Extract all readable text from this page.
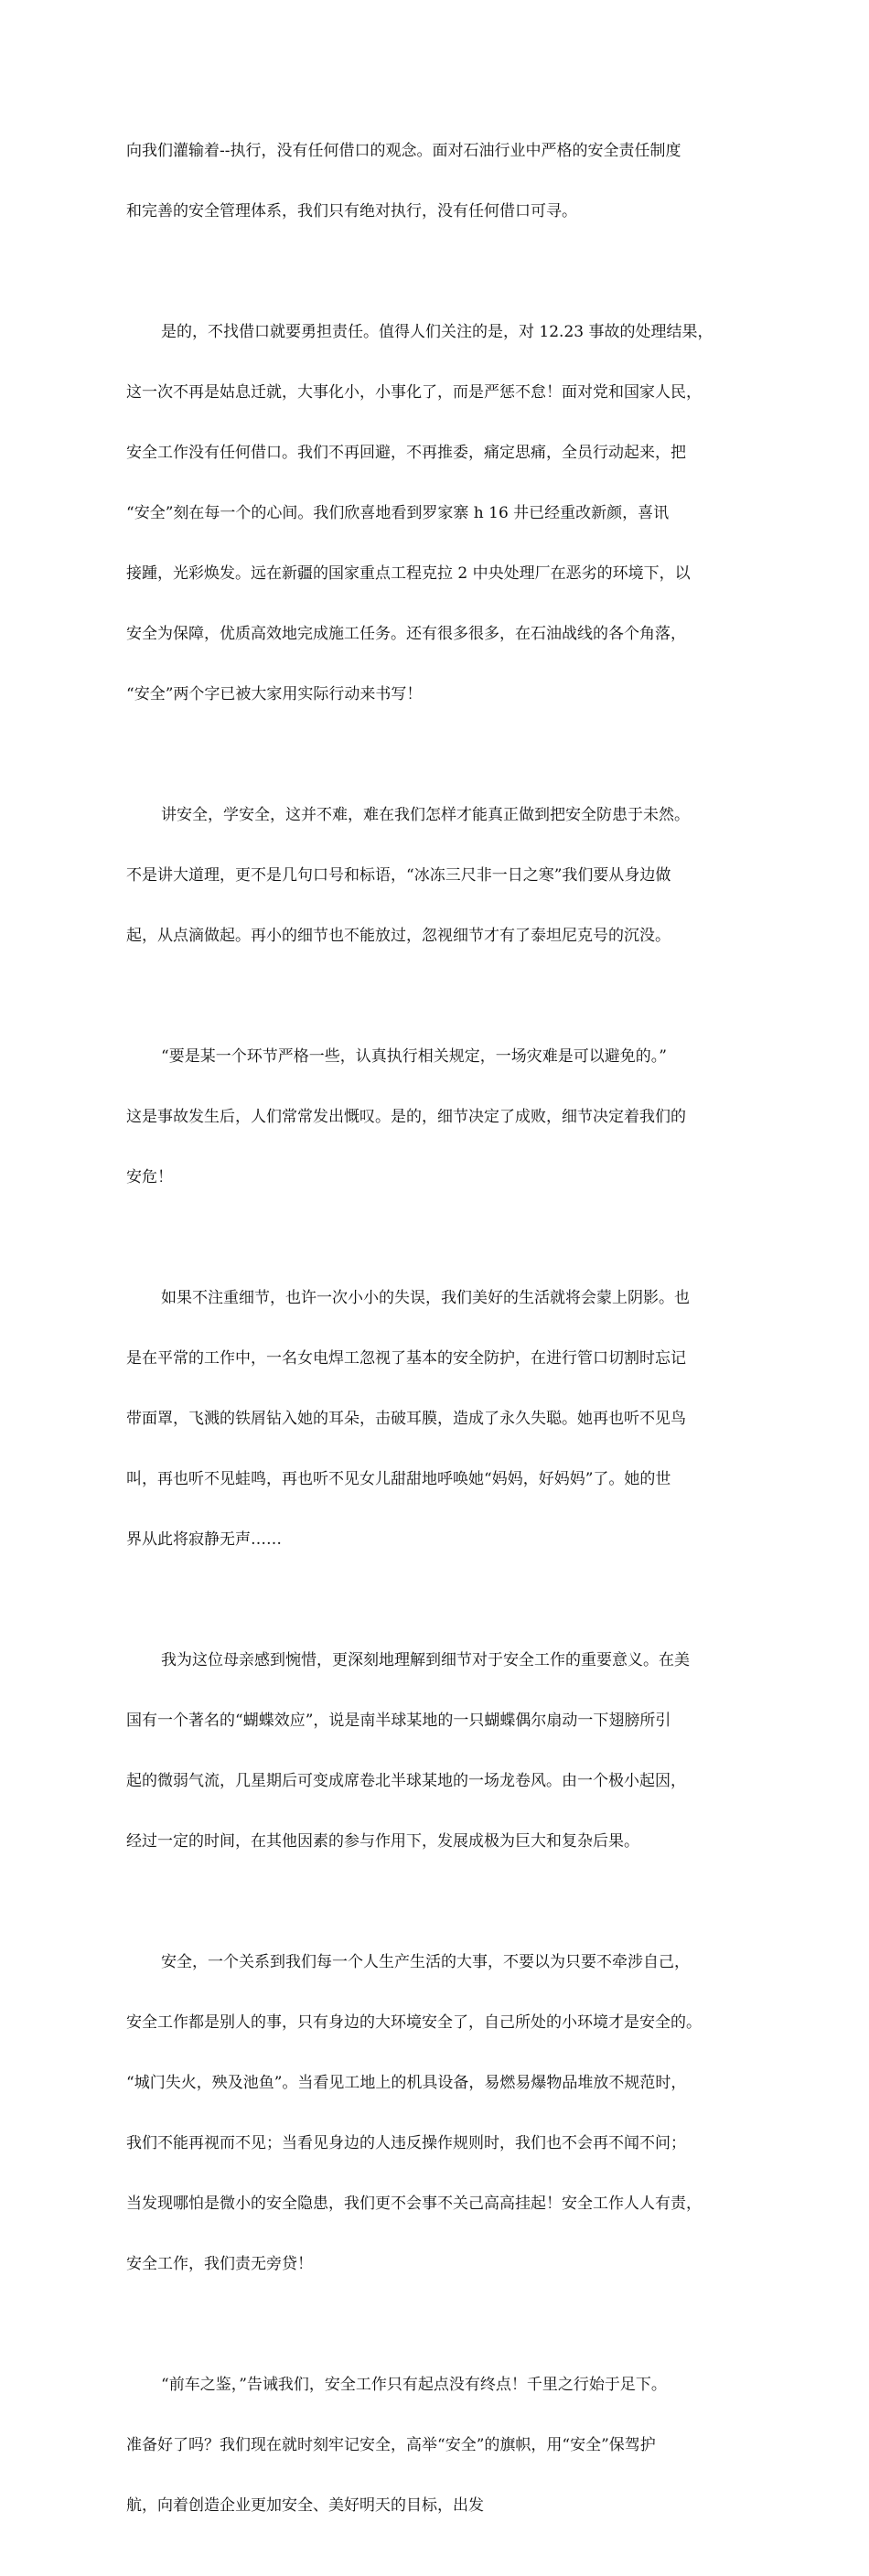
向我们灌输着--执行，没有任何借口的观念。面对石油行业中严格的安全责任制度

和完善的安全管理体系，我们只有绝对执行，没有任何借口可寻。

是的，不找借口就要勇担责任。值得人们关注的是，对 12.23 事故的处理结果，

这一次不再是姑息迁就，大事化小，小事化了，而是严惩不怠！面对党和国家人民，

安全工作没有任何借口。我们不再回避，不再推委，痛定思痛，全员行动起来，把

“安全”刻在每一个的心间。我们欣喜地看到罗家寨 h 16 井已经重改新颜，喜讯

接踵，光彩焕发。远在新疆的国家重点工程克拉 2 中央处理厂在恶劣的环境下，以

安全为保障，优质高效地完成施工任务。还有很多很多，在石油战线的各个角落，

“安全”两个字已被大家用实际行动来书写！

讲安全，学安全，这并不难，难在我们怎样才能真正做到把安全防患于未然。

不是讲大道理，更不是几句口号和标语，“冰冻三尺非一日之寒”我们要从身边做

起，从点滴做起。再小的细节也不能放过，忽视细节才有了泰坦尼克号的沉没。

“要是某一个环节严格一些，认真执行相关规定，一场灾难是可以避免的。”

这是事故发生后，人们常常发出慨叹。是的，细节决定了成败，细节决定着我们的

安危！

如果不注重细节，也许一次小小的失误，我们美好的生活就将会蒙上阴影。也

是在平常的工作中，一名女电焊工忽视了基本的安全防护，在进行管口切割时忘记

带面罩，飞溅的铁屑钻入她的耳朵，击破耳膜，造成了永久失聪。她再也听不见鸟

叫，再也听不见蛙鸣，再也听不见女儿甜甜地呼唤她“妈妈，好妈妈”了。她的世

界从此将寂静无声……

我为这位母亲感到惋惜，更深刻地理解到细节对于安全工作的重要意义。在美

国有一个著名的“蝴蝶效应”，说是南半球某地的一只蝴蝶偶尔扇动一下翅膀所引

起的微弱气流，几星期后可变成席卷北半球某地的一场龙卷风。由一个极小起因，

经过一定的时间，在其他因素的参与作用下，发展成极为巨大和复杂后果。

安全，一个关系到我们每一个人生产生活的大事，不要以为只要不牵涉自己，

安全工作都是别人的事，只有身边的大环境安全了，自己所处的小环境才是安全的。

“城门失火，殃及池鱼”。当看见工地上的机具设备，易燃易爆物品堆放不规范时，

我们不能再视而不见；当看见身边的人违反操作规则时，我们也不会再不闻不问；

当发现哪怕是微小的安全隐患，我们更不会事不关己高高挂起！安全工作人人有责，

安全工作，我们责无旁贷！

“前车之鉴，”告诫我们，安全工作只有起点没有终点！千里之行始于足下。

准备好了吗？我们现在就时刻牢记安全，高举“安全”的旗帜，用“安全”保驾护

航，向着创造企业更加安全、美好明天的目标，出发
